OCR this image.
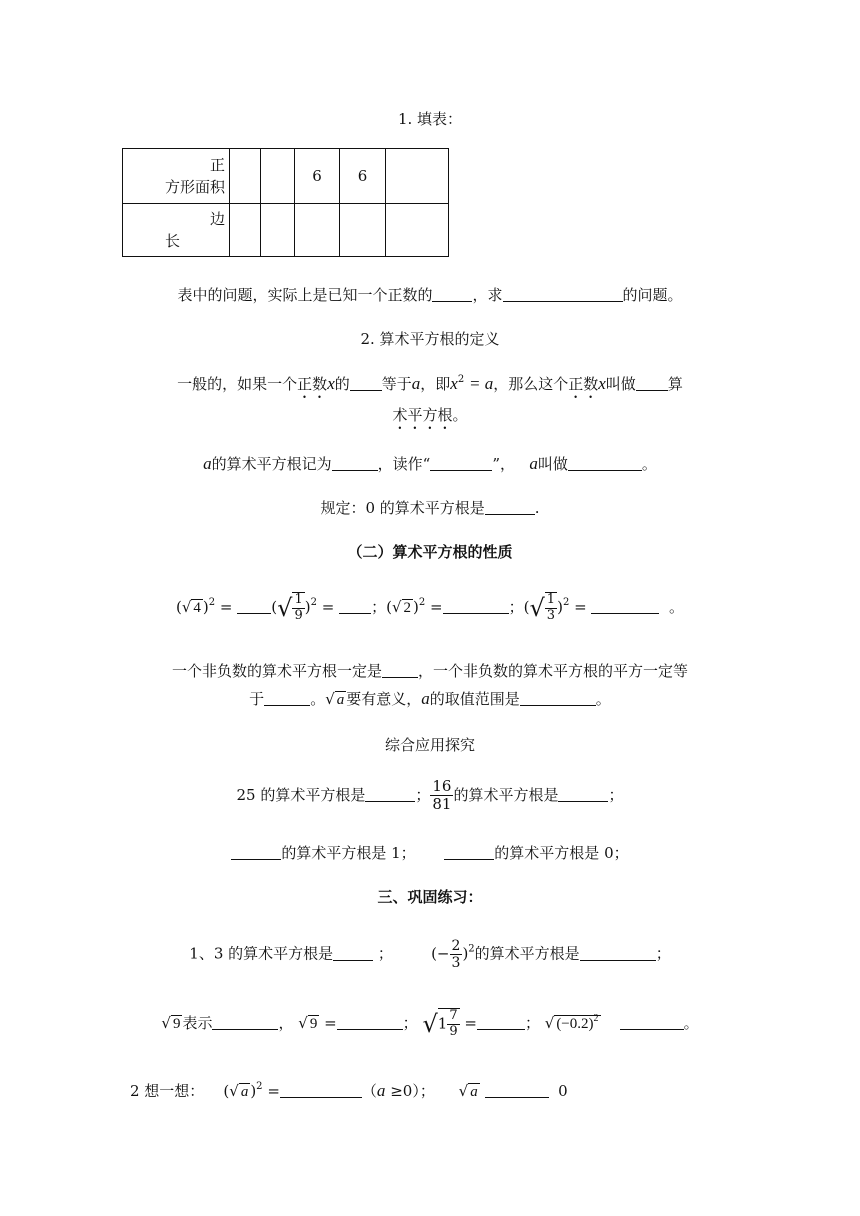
1. 填表：
正
方形面积			6	6	

边
长					

表中的问题，实际上是已知一个正数的	，求	的问题。
2. 算术平方根的定义
一般的，如果一个正数x的 等于a，即$x^2 = a$，那么这个正数x叫做 算
术平方根。
a的算术平方根记为	，读作“	”， a叫做	。
规定：0 的算术平方根是	.
（二）算术平方根的性质
(√ 4 )$^2$ =	(√ $\frac{1}{9} )^2$ = ；(√ 2 )$^2$ =	；(√ $\frac{1}{3} )^2$ =	。
一个非负数的算术平方根一定是 ，一个非负数的算术平方根的平方一定等
于	。√ a 要有意义，a的取值范围是	。
综合应用探究
25 的算术平方根是	； $\frac{16}{81}$ 的算术平方根是	；
的算术平方根是 1；	的算术平方根是 0；
三、巩固练习：
1、3 的算术平方根是	；        (− $\frac{2}{3} )^2$的算术平方根是	；
√ 9 表示	， √ 9 =	； $√1 \frac{7}{9}$ =	； √ $(-0.2)^2$	。
2 想一想：    (√ a )$^2$ =	（a ≥0）； √ a	0
